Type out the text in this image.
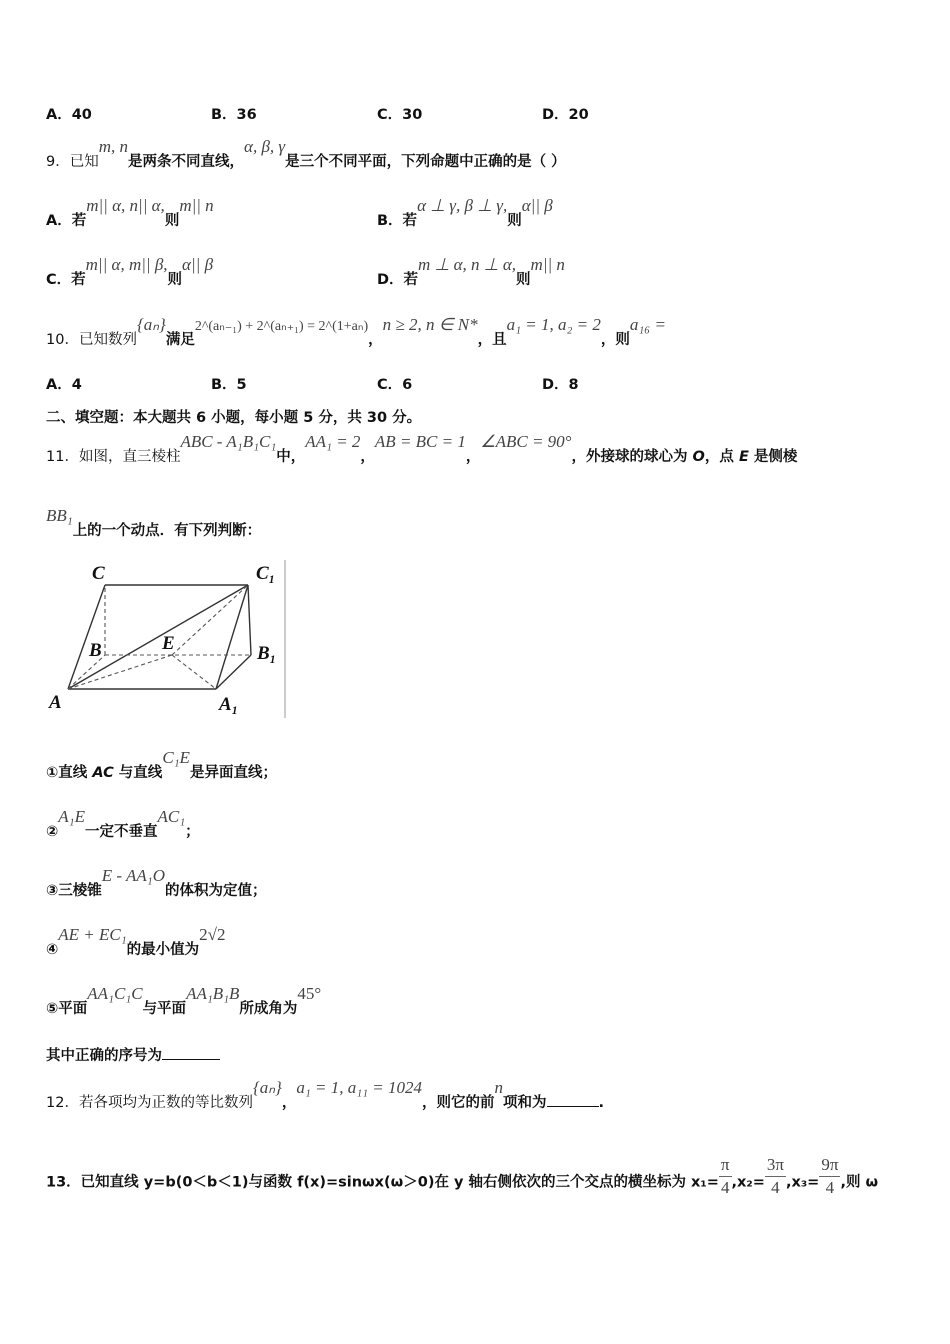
A．40	B．36	C．30	D．20
9．已知m, n是两条不同直线，α, β, γ是三个不同平面，下列命题中正确的是（ ）
A．若m|| α, n|| α,则m|| n
B．若α ⊥ γ, β ⊥ γ,则α|| β
C．若m|| α, m|| β,则α|| β
D．若m ⊥ α, n ⊥ α,则m|| n
10．已知数列{aₙ}满足2^(aₙ₋₁) + 2^(aₙ₊₁) = 2^(1+aₙ)，n ≥ 2, n ∈ N*，且a₁ = 1, a₂ = 2，则a₁₆ =
A．4	B．5	C．6	D．8
二、填空题：本大题共 6 小题，每小题 5 分，共 30 分。
11．如图，直三棱柱ABC - A₁B₁C₁中，AA₁ = 2，AB = BC = 1，∠ABC = 90°，外接球的球心为 O，点 E 是侧棱
BB₁上的一个动点．有下列判断：
C	C₁
B	E	B₁
A	A₁
①直线 AC 与直线C₁E是异面直线；
②A₁E一定不垂直AC₁；
③三棱锥E - AA₁O的体积为定值；
④AE + EC₁的最小值为2√2
⑤平面AA₁C₁C与平面AA₁B₁B所成角为45°
其中正确的序号为
12．若各项均为正数的等比数列{aₙ}，a₁ = 1, a₁₁ = 1024，则它的前n项和为	.
13．已知直线 y=b(0＜b＜1)与函数 f(x)=sinωx(ω＞0)在 y 轴右侧依次的三个交点的横坐标为 $x_1= \frac{\pi}{4} ,x_2= \frac{3\pi}{4} ,x_3= \frac{9\pi}{4}$ ,则 ω
